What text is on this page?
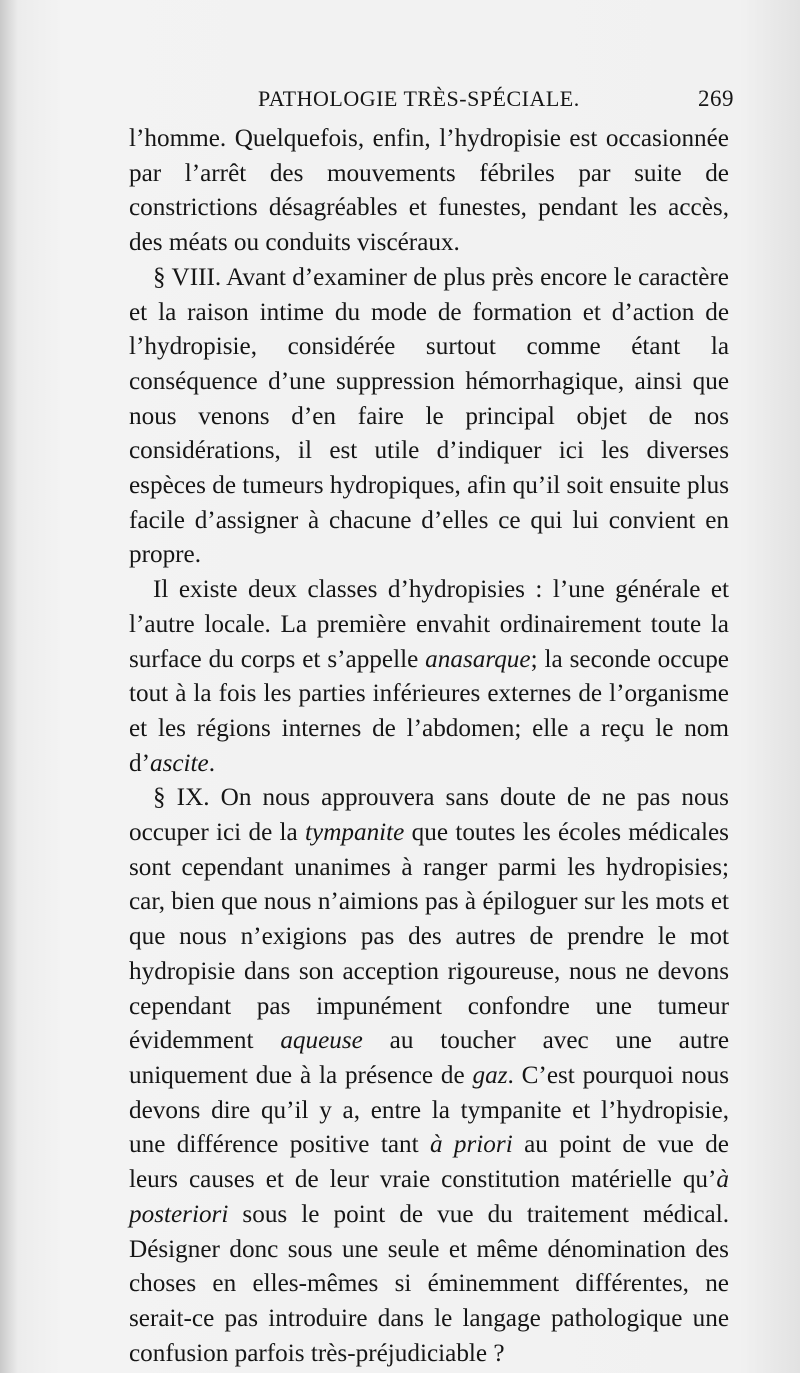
PATHOLOGIE TRÈS-SPÉCIALE.	269

l’homme. Quelquefois, enfin, l’hydropisie est occasionnée par l’arrêt des mouvements fébriles par suite de constrictions désagréables et funestes, pendant les accès, des méats ou conduits viscéraux.

§ VIII. Avant d’examiner de plus près encore le caractère et la raison intime du mode de formation et d’action de l’hydropisie, considérée surtout comme étant la conséquence d’une suppression hémorrhagique, ainsi que nous venons d’en faire le principal objet de nos considérations, il est utile d’indiquer ici les diverses espèces de tumeurs hydropiques, afin qu’il soit ensuite plus facile d’assigner à chacune d’elles ce qui lui convient en propre.

Il existe deux classes d’hydropisies : l’une générale et l’autre locale. La première envahit ordinairement toute la surface du corps et s’appelle anasarque; la seconde occupe tout à la fois les parties inférieures externes de l’organisme et les régions internes de l’abdomen; elle a reçu le nom d’ascite.

§ IX. On nous approuvera sans doute de ne pas nous occuper ici de la tympanite que toutes les écoles médicales sont cependant unanimes à ranger parmi les hydropisies; car, bien que nous n’aimions pas à épiloguer sur les mots et que nous n’exigions pas des autres de prendre le mot hydropisie dans son acception rigoureuse, nous ne devons cependant pas impunément confondre une tumeur évidemment aqueuse au toucher avec une autre uniquement due à la présence de gaz. C’est pourquoi nous devons dire qu’il y a, entre la tympanite et l’hydropisie, une différence positive tant à priori au point de vue de leurs causes et de leur vraie constitution matérielle qu’à posteriori sous le point de vue du traitement médical. Désigner donc sous une seule et même dénomination des choses en elles-mêmes si éminemment différentes, ne serait-ce pas introduire dans le langage pathologique une confusion parfois très-préjudiciable ?
